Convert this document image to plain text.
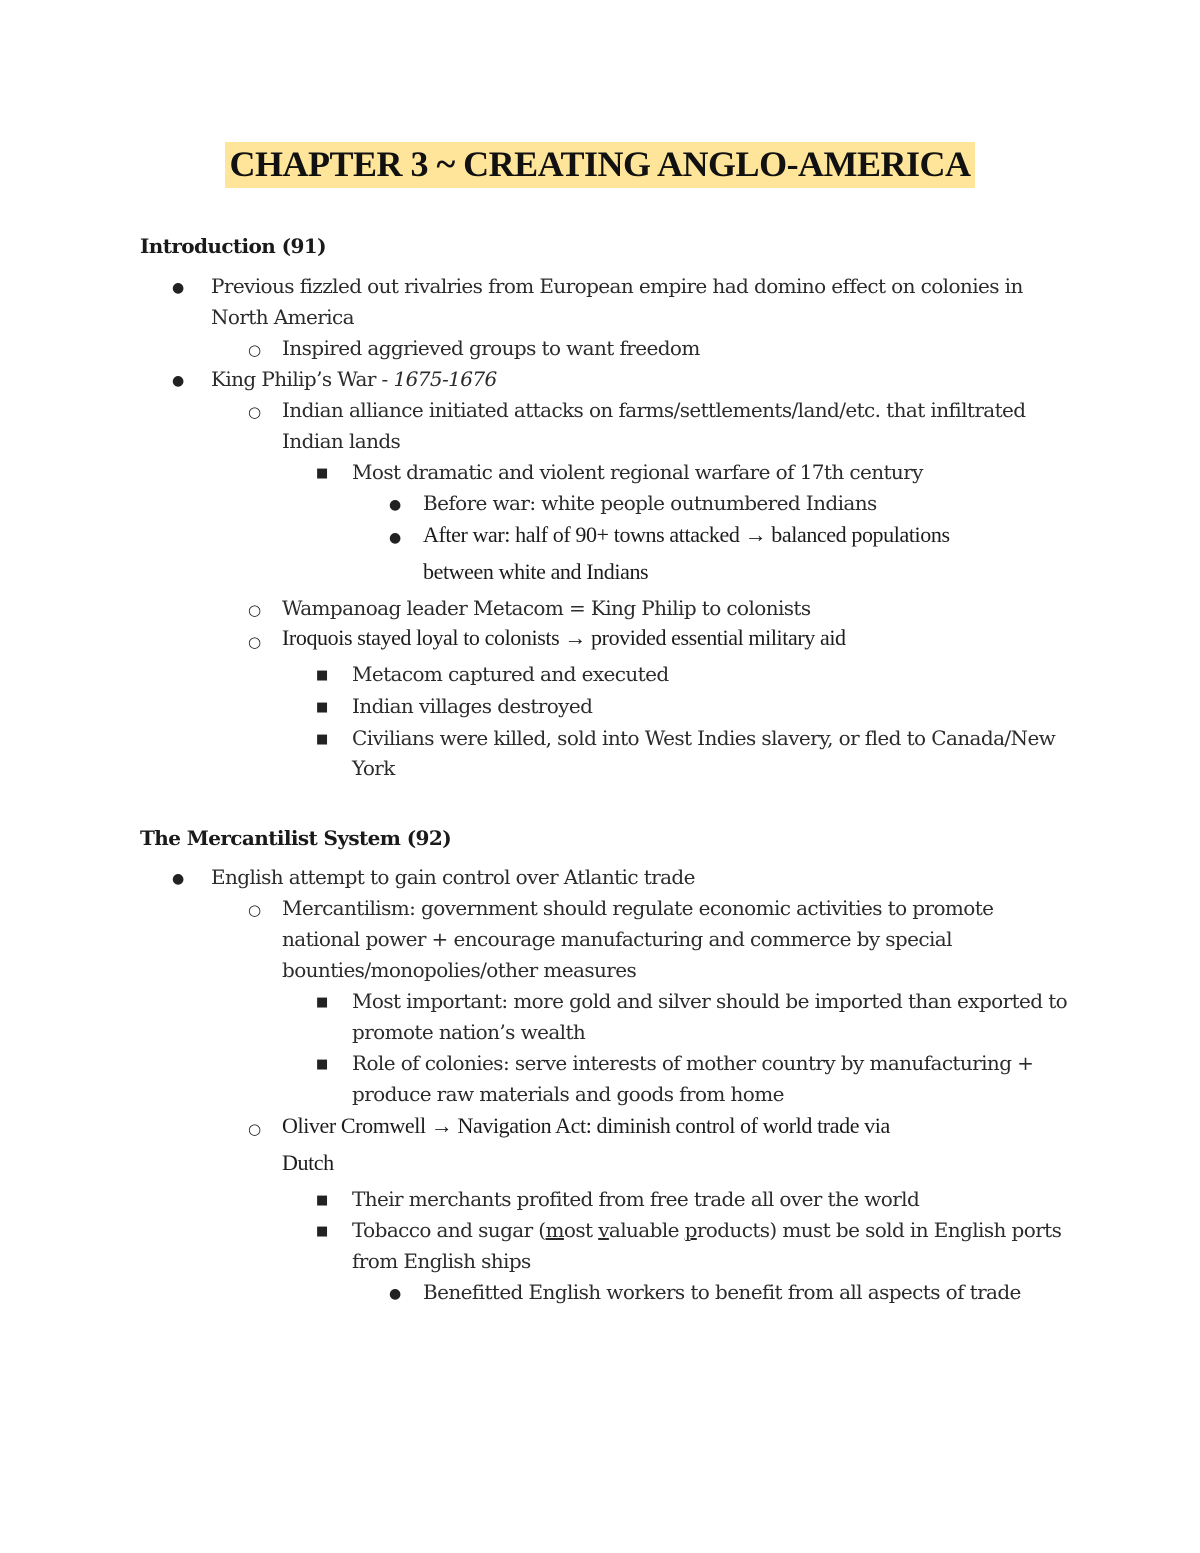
CHAPTER 3 ~ CREATING ANGLO-AMERICA
Introduction (91)
● Previous fizzled out rivalries from European empire had domino effect on colonies in
North America
○ Inspired aggrieved groups to want freedom
● King Philip’s War - 1675-1676
○ Indian alliance initiated attacks on farms/settlements/land/etc. that infiltrated
Indian lands
■ Most dramatic and violent regional warfare of 17th century
● Before war: white people outnumbered Indians
● After war: half of 90+ towns attacked → balanced populations
between white and Indians
○ Wampanoag leader Metacom = King Philip to colonists
○ Iroquois stayed loyal to colonists → provided essential military aid
■ Metacom captured and executed
■ Indian villages destroyed
■ Civilians were killed, sold into West Indies slavery, or fled to Canada/New
York
The Mercantilist System (92)
● English attempt to gain control over Atlantic trade
○ Mercantilism: government should regulate economic activities to promote
national power + encourage manufacturing and commerce by special
bounties/monopolies/other measures
■ Most important: more gold and silver should be imported than exported to
promote nation’s wealth
■ Role of colonies: serve interests of mother country by manufacturing +
produce raw materials and goods from home
○ Oliver Cromwell → Navigation Act: diminish control of world trade via
Dutch
■ Their merchants profited from free trade all over the world
■ Tobacco and sugar (most valuable products) must be sold in English ports
from English ships
● Benefitted English workers to benefit from all aspects of trade
